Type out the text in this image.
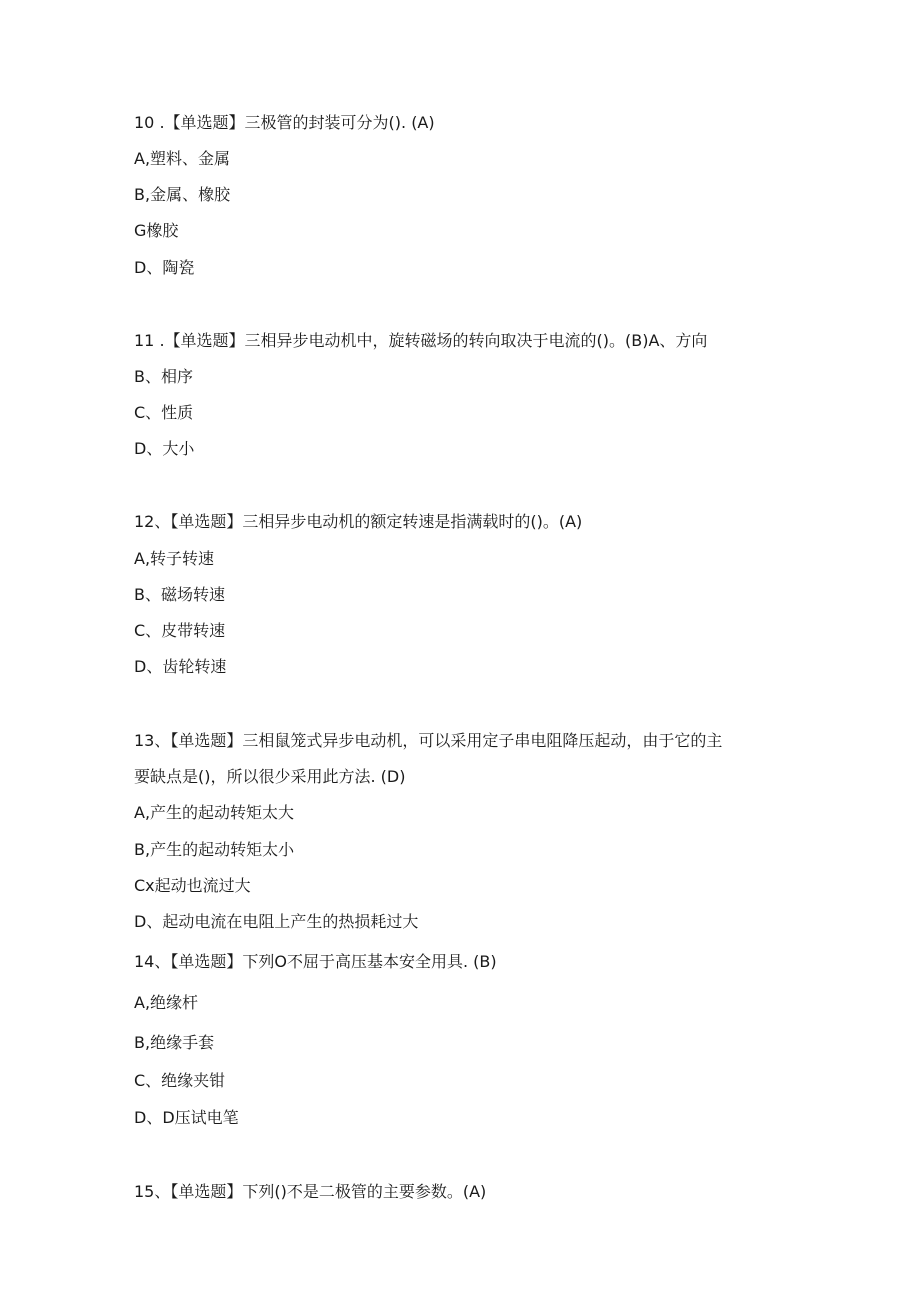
10 .【单选题】三极管的封装可分为(). (A)
A,塑料、金属
B,金属、橡胶
G橡胶
D、陶瓷
11 .【单选题】三相异步电动机中，旋转磁场的转向取决于电流的()。(B)A、方向
B、相序
C、性质
D、大小
12、【单选题】三相异步电动机的额定转速是指满载时的()。(A)
A,转子转速
B、磁场转速
C、皮带转速
D、齿轮转速
13、【单选题】三相鼠笼式异步电动机，可以采用定子串电阻降压起动，由于它的主
要缺点是()，所以很少采用此方法. (D)
A,产生的起动转矩太大
B,产生的起动转矩太小
Cx起动也流过大
D、起动电流在电阻上产生的热损耗过大
14、【单选题】下列O不屈于高压基本安全用具. (B)
A,绝缘杆
B,绝缘手套
C、绝缘夹钳
D、D压试电笔
15、【单选题】下列()不是二极管的主要参数。(A)
